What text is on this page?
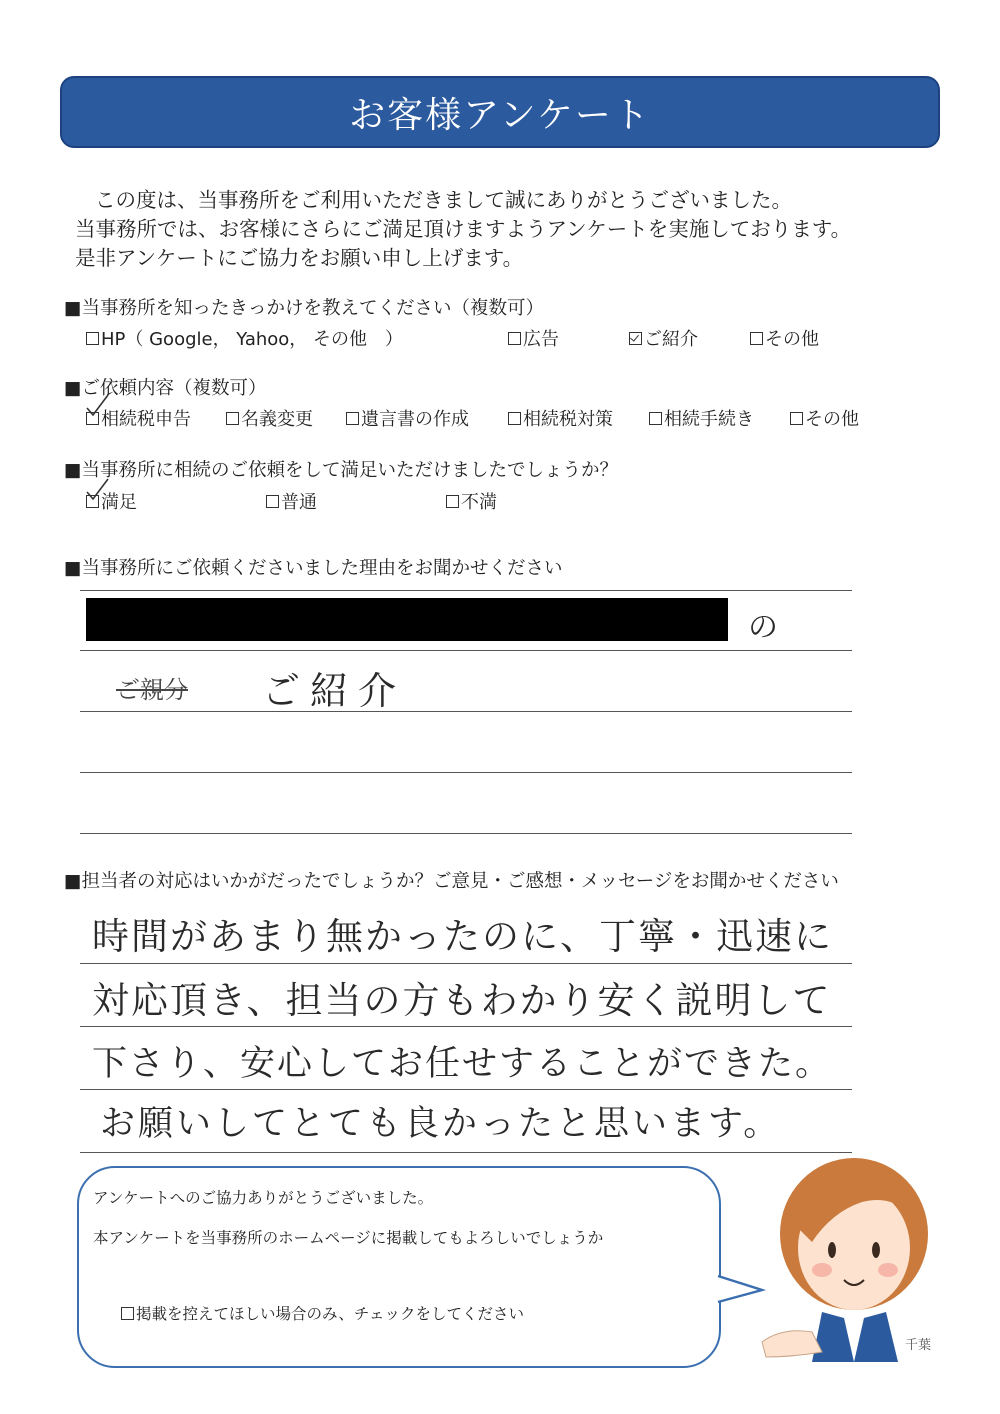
お客様アンケート
この度は、当事務所をご利用いただきまして誠にありがとうございました。
当事務所では、お客様にさらにご満足頂けますようアンケートを実施しております。
是非アンケートにご協力をお願い申し上げます。
■当事務所を知ったきっかけを教えてください（複数可）
HP（ Google， Yahoo， その他　）	広告	ご紹介	その他
■ご依頼内容（複数可）
相続税申告	名義変更	遺言書の作成	相続税対策	相続手続き	その他
■当事務所に相続のご依頼をして満足いただけましたでしょうか？
満足	普通	不満
■当事務所にご依頼くださいました理由をお聞かせください
の
ご親分 ご紹介
■担当者の対応はいかがだったでしょうか？ご意見・ご感想・メッセージをお聞かせください
時間があまり無かったのに、丁寧・迅速に
対応頂き、担当の方もわかり安く説明して
下さり、安心してお任せすることができた。
お願いしてとても良かったと思います。
アンケートへのご協力ありがとうございました。
本アンケートを当事務所のホームページに掲載してもよろしいでしょうか
掲載を控えてほしい場合のみ、チェックをしてください
千葉
